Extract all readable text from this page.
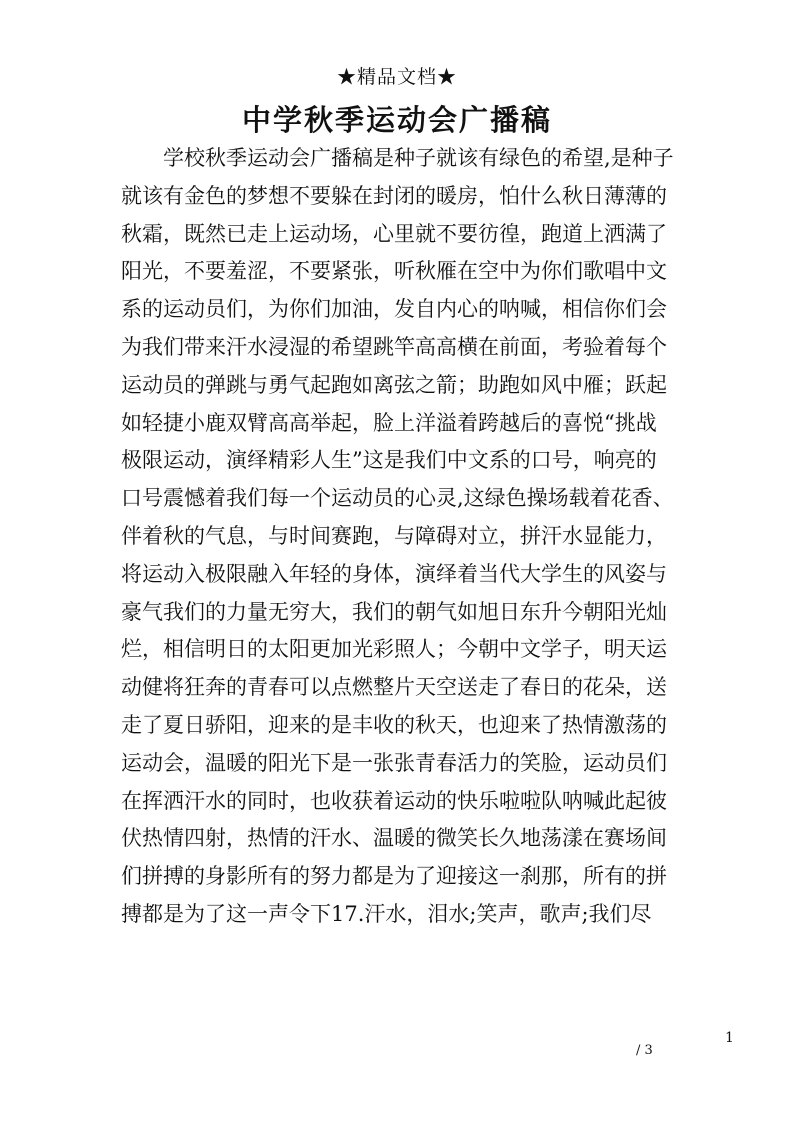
★精品文档★
中学秋季运动会广播稿
学校秋季运动会广播稿是种子就该有绿色的希望,是种子
就该有金色的梦想不要躲在封闭的暖房，怕什么秋日薄薄的
秋霜，既然已走上运动场，心里就不要彷徨，跑道上洒满了
阳光，不要羞涩，不要紧张，听秋雁在空中为你们歌唱中文
系的运动员们，为你们加油，发自内心的呐喊，相信你们会
为我们带来汗水浸湿的希望跳竿高高横在前面，考验着每个
运动员的弹跳与勇气起跑如离弦之箭；助跑如风中雁；跃起
如轻捷小鹿双臂高高举起，脸上洋溢着跨越后的喜悦“挑战
极限运动，演绎精彩人生”这是我们中文系的口号，响亮的
口号震憾着我们每一个运动员的心灵,这绿色操场载着花香、
伴着秋的气息，与时间赛跑，与障碍对立，拼汗水显能力，
将运动入极限融入年轻的身体，演绎着当代大学生的风姿与
豪气我们的力量无穷大，我们的朝气如旭日东升今朝阳光灿
烂，相信明日的太阳更加光彩照人；今朝中文学子，明天运
动健将狂奔的青春可以点燃整片天空送走了春日的花朵，送
走了夏日骄阳，迎来的是丰收的秋天，也迎来了热情激荡的
运动会，温暖的阳光下是一张张青春活力的笑脸，运动员们
在挥洒汗水的同时，也收获着运动的快乐啦啦队呐喊此起彼
伏热情四射，热情的汗水、温暖的微笑长久地荡漾在赛场间
们拼搏的身影所有的努力都是为了迎接这一刹那，所有的拼
搏都是为了这一声令下17.汗水，泪水;笑声，歌声;我们尽
1
/ 3
